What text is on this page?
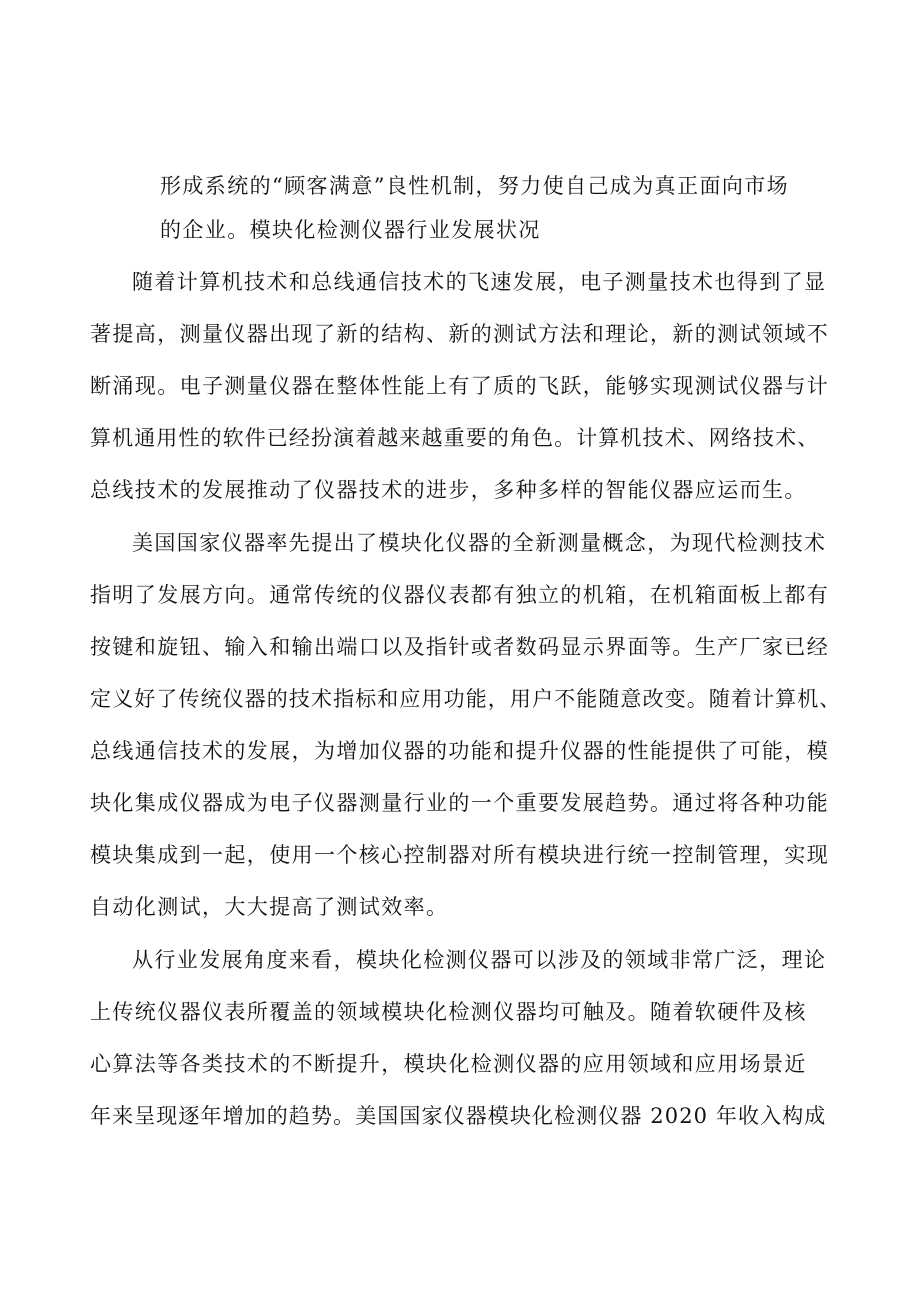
形成系统的“顾客满意”良性机制，努力使自己成为真正面向市场
的企业。模块化检测仪器行业发展状况
随着计算机技术和总线通信技术的飞速发展，电子测量技术也得到了显
著提高，测量仪器出现了新的结构、新的测试方法和理论，新的测试领域不
断涌现。电子测量仪器在整体性能上有了质的飞跃，能够实现测试仪器与计
算机通用性的软件已经扮演着越来越重要的角色。计算机技术、网络技术、
总线技术的发展推动了仪器技术的进步，多种多样的智能仪器应运而生。
美国国家仪器率先提出了模块化仪器的全新测量概念，为现代检测技术
指明了发展方向。通常传统的仪器仪表都有独立的机箱，在机箱面板上都有
按键和旋钮、输入和输出端口以及指针或者数码显示界面等。生产厂家已经
定义好了传统仪器的技术指标和应用功能，用户不能随意改变。随着计算机、
总线通信技术的发展，为增加仪器的功能和提升仪器的性能提供了可能，模
块化集成仪器成为电子仪器测量行业的一个重要发展趋势。通过将各种功能
模块集成到一起，使用一个核心控制器对所有模块进行统一控制管理，实现
自动化测试，大大提高了测试效率。
从行业发展角度来看，模块化检测仪器可以涉及的领域非常广泛，理论
上传统仪器仪表所覆盖的领域模块化检测仪器均可触及。随着软硬件及核
心算法等各类技术的不断提升，模块化检测仪器的应用领域和应用场景近
年来呈现逐年增加的趋势。美国国家仪器模块化检测仪器 2020 年收入构成
